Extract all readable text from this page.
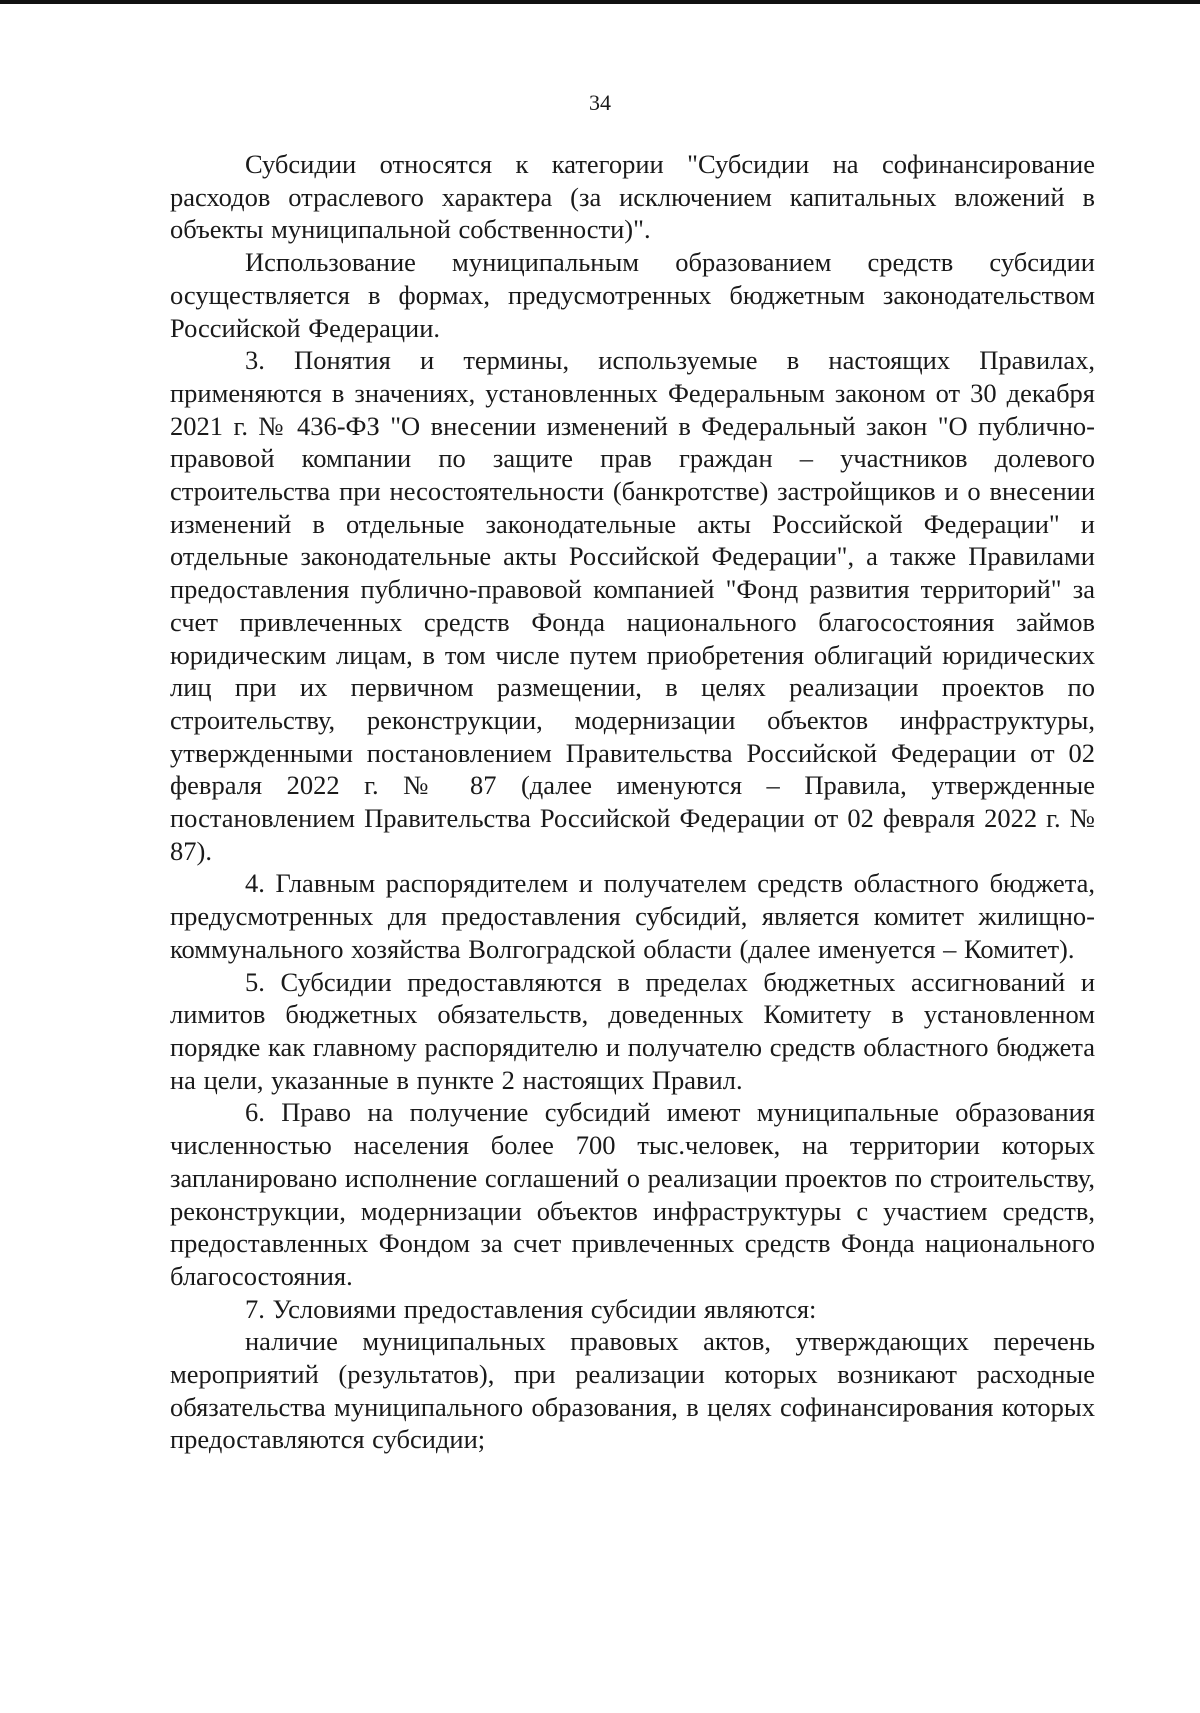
34

Субсидии относятся к категории "Субсидии на софинансирование расходов отраслевого характера (за исключением капитальных вложений в объекты муниципальной собственности)".

Использование муниципальным образованием средств субсидии осуществляется в формах, предусмотренных бюджетным законодательством Российской Федерации.

3. Понятия и термины, используемые в настоящих Правилах, применяются в значениях, установленных Федеральным законом от 30 декабря 2021 г. № 436-ФЗ "О внесении изменений в Федеральный закон "О публично-правовой компании по защите прав граждан – участников долевого строительства при несостоятельности (банкротстве) застройщиков и о внесении изменений в отдельные законодательные акты Российской Федерации" и отдельные законодательные акты Российской Федерации", а также Правилами предоставления публично-правовой компанией "Фонд развития территорий" за счет привлеченных средств Фонда национального благосостояния займов юридическим лицам, в том числе путем приобретения облигаций юридических лиц при их первичном размещении, в целях реализации проектов по строительству, реконструкции, модернизации объектов инфраструктуры, утвержденными постановлением Правительства Российской Федерации от 02 февраля 2022 г. № 87 (далее именуются – Правила, утвержденные постановлением Правительства Российской Федерации от 02 февраля 2022 г. № 87).

4. Главным распорядителем и получателем средств областного бюджета, предусмотренных для предоставления субсидий, является комитет жилищно-коммунального хозяйства Волгоградской области (далее именуется – Комитет).

5. Субсидии предоставляются в пределах бюджетных ассигнований и лимитов бюджетных обязательств, доведенных Комитету в установленном порядке как главному распорядителю и получателю средств областного бюджета на цели, указанные в пункте 2 настоящих Правил.

6. Право на получение субсидий имеют муниципальные образования численностью населения более 700 тыс.человек, на территории которых запланировано исполнение соглашений о реализации проектов по строительству, реконструкции, модернизации объектов инфраструктуры с участием средств, предоставленных Фондом за счет привлеченных средств Фонда национального благосостояния.

7. Условиями предоставления субсидии являются:

наличие муниципальных правовых актов, утверждающих перечень мероприятий (результатов), при реализации которых возникают расходные обязательства муниципального образования, в целях софинансирования которых предоставляются субсидии;
